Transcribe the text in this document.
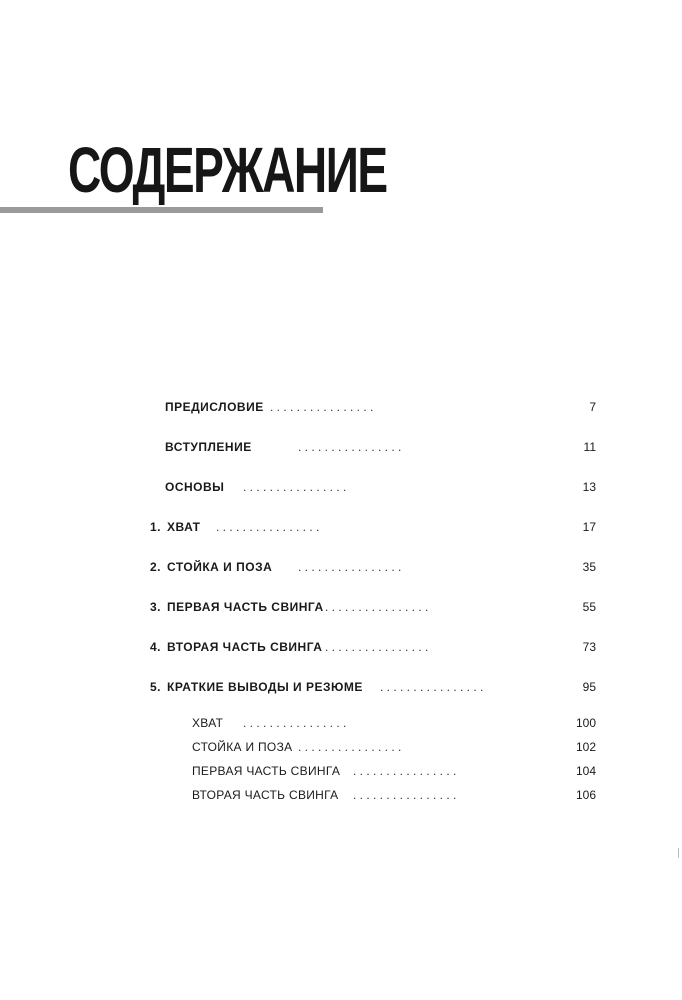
СОДЕРЖАНИЕ
ПРЕДИСЛОВИЕ . . . . . . . . . . . . . . . .	7
ВСТУПЛЕНИЕ	. . . . . . . . . . . . . . . .	11
ОСНОВЫ . . . . . . . . . . . . . . . .	13
1. ХВАТ . . . . . . . . . . . . . . . .	17
2. СТОЙКА И ПОЗА . . . . . . . . . . . . . . . .	35
3. ПЕРВАЯ ЧАСТЬ СВИНГА . . . . . . . . . . . . . . . .	55
4. ВТОРАЯ ЧАСТЬ СВИНГА . . . . . . . . . . . . . . . .	73
5. КРАТКИЕ ВЫВОДЫ И РЕЗЮМЕ . . . . . . . . . . . . . . . .	95
ХВАТ . . . . . . . . . . . . . . . .	100
СТОЙКА И ПОЗА . . . . . . . . . . . . . . . .	102
ПЕРВАЯ ЧАСТЬ СВИНГА . . . . . . . . . . . . . . . .	104
ВТОРАЯ ЧАСТЬ СВИНГА . . . . . . . . . . . . . . . .	106
